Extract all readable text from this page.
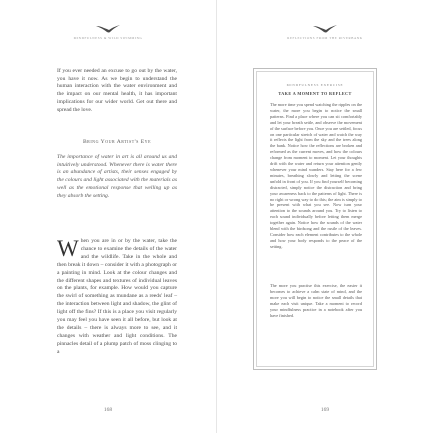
MINDFULNESS & WILD SWIMMING
If you ever needed an excuse to go out by the water, you have it now. As we begin to understand the human interaction with the water environment and the impact on our mental health, it has important implications for our wider world. Get out there and spread the love.
Bring Your Artist's Eye
The importance of water in art is all around us and intuitively understood. Whenever there is water there is an abundance of artists, their senses engaged by the colours and light associated with the materials as well as the emotional response that welling up as they absorb the setting.
When you are in or by the water, take the chance to examine the details of the water and the wildlife. Take in the whole and then break it down – consider it with a photograph or a painting in mind. Look at the colour changes and the different shapes and textures of individual leaves on the plants, for example. How would you capture the swirl of something as mundane as a reeds' leaf – the interaction between light and shadow, the glint of light off the fins? If this is a place you visit regularly you may feel you have seen it all before, but look at the details – there is always more to see, and it changes with weather and light conditions. The pinnacles detail of a plump patch of moss clinging to a
168
REFLECTIONS FROM THE RIVERBANK
MINDFULNESS EXERCISE
TAKE A MOMENT TO REFLECT
The more time you spend watching the ripples on the water, the more you begin to notice the small patterns. Find a place where you can sit comfortably and let your breath settle, and observe the movement of the surface before you. Once you are settled, focus on one particular stretch of water and watch the way it reflects the light from the sky and the trees along the bank. Notice how the reflections are broken and reformed as the current moves, and how the colours change from moment to moment. Let your thoughts drift with the water and return your attention gently whenever your mind wanders. Stay here for a few minutes, breathing slowly and letting the scene unfold in front of you. If you find yourself becoming distracted, simply notice the distraction and bring your awareness back to the patterns of light. There is no right or wrong way to do this; the aim is simply to be present with what you see. Now turn your attention to the sounds around you. Try to listen to each sound individually before letting them merge together again. Notice how the sounds of the water blend with the birdsong and the rustle of the leaves. Consider how each element contributes to the whole and how your body responds to the peace of the setting.
The more you practise this exercise, the easier it becomes to achieve a calm state of mind, and the more you will begin to notice the small details that make each visit unique. Take a moment to record your mindfulness practice in a notebook after you have finished.
169
